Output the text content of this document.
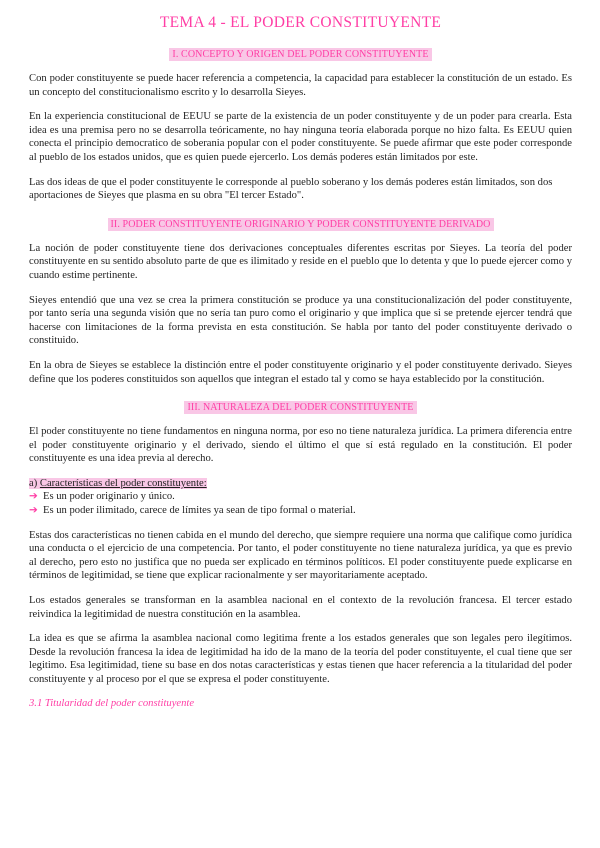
TEMA 4 - EL PODER CONSTITUYENTE
I. CONCEPTO Y ORIGEN DEL PODER CONSTITUYENTE

Con poder constituyente se puede hacer referencia a competencia, la capacidad para establecer la constitución de un estado. Es un concepto del constitucionalismo escrito y lo desarrolla Sieyes.

En la experiencia constitucional de EEUU se parte de la existencia de un poder constituyente y de un poder para crearla. Esta idea es una premisa pero no se desarrolla teóricamente, no hay ninguna teoría elaborada porque no hizo falta. Es EEUU quien conecta el principio democratico de soberania popular con el poder constituyente. Se puede afirmar que este poder corresponde al pueblo de los estados unidos, que es quien puede ejercerlo. Los demás poderes están limitados por este.

Las dos ideas de que el poder constituyente le corresponde al pueblo soberano y los demás poderes están limitados, son dos aportaciones de Sieyes que plasma en su obra "El tercer Estado".

II. PODER CONSTITUYENTE ORIGINARIO Y PODER CONSTITUYENTE DERIVADO

La noción de poder constituyente tiene dos derivaciones conceptuales diferentes escritas por Sieyes. La teoría del poder constituyente en su sentido absoluto parte de que es ilimitado y reside en el pueblo que lo detenta y que lo puede ejercer como y cuando estime pertinente.

Sieyes entendió que una vez se crea la primera constitución se produce ya una constitucionalización del poder constituyente, por tanto sería una segunda visión que no sería tan puro como el originario y que implica que si se pretende ejercer tendrá que hacerse con limitaciones de la forma prevista en esta constitución. Se habla por tanto del poder constituyente derivado o constituido.

En la obra de Sieyes se establece la distinción entre el poder constituyente originario y el poder constituyente derivado. Sieyes define que los poderes constituidos son aquellos que integran el estado tal y como se haya establecido por la constitución.

III. NATURALEZA DEL PODER CONSTITUYENTE

El poder constituyente no tiene fundamentos en ninguna norma, por eso no tiene naturaleza jurídica. La primera diferencia entre el poder constituyente originario y el derivado, siendo el último el que sí está regulado en la constitución. El poder constituyente es una idea previa al derecho.

a) Características del poder constituyente:
➔ Es un poder originario y único.
➔ Es un poder ilimitado, carece de límites ya sean de tipo formal o material.

Estas dos características no tienen cabida en el mundo del derecho, que siempre requiere una norma que califique como jurídica una conducta o el ejercicio de una competencia. Por tanto, el poder constituyente no tiene naturaleza jurídica, ya que es previo al derecho, pero esto no justifica que no pueda ser explicado en términos políticos. El poder constituyente puede explicarse en términos de legitimidad, se tiene que explicar racionalmente y ser mayoritariamente aceptado.

Los estados generales se transforman en la asamblea nacional en el contexto de la revolución francesa. El tercer estado reivindica la legitimidad de nuestra constitución en la asamblea.

La idea es que se afirma la asamblea nacional como legitima frente a los estados generales que son legales pero ilegítimos. Desde la revolución francesa la idea de legitimidad ha ido de la mano de la teoría del poder constituyente, el cual tiene que ser legitimo. Esa legitimidad, tiene su base en dos notas características y estas tienen que hacer referencia a la titularidad del poder constituyente y al proceso por el que se expresa el poder constituyente.

3.1 Titularidad del poder constituyente
